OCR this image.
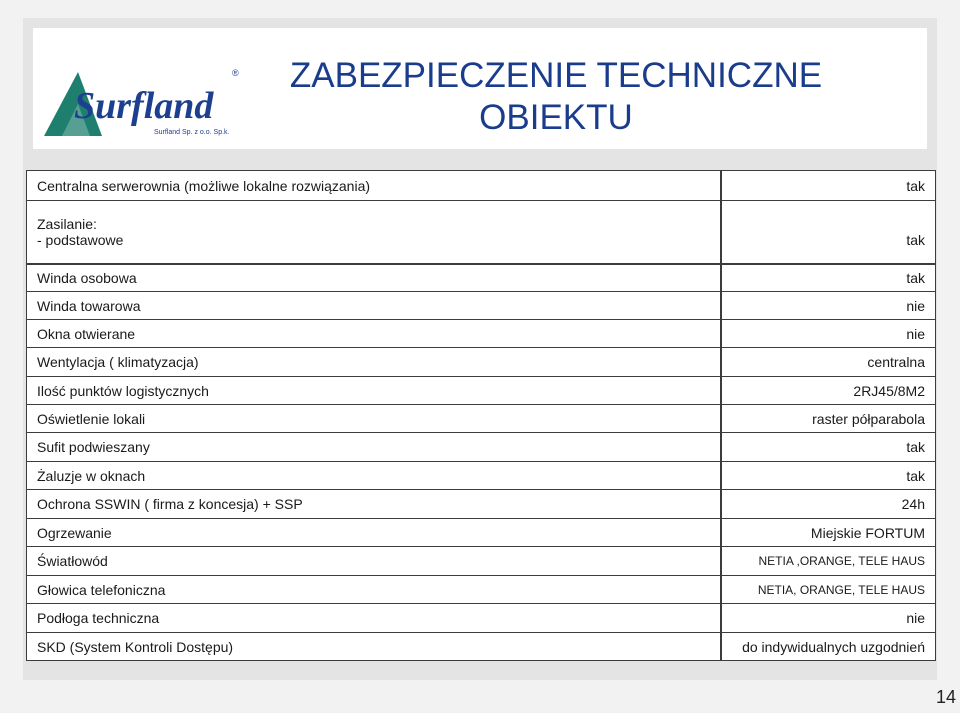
Surfland
®
Surfland Sp. z o.o. Sp.k.
ZABEZPIECZENIE TECHNICZNE
OBIEKTU
Centralna serwerownia (możliwe lokalne rozwiązania)	tak

Zasilanie:
- podstawowe	tak

Winda osobowa	tak
Winda towarowa	nie
Okna otwierane	nie
Wentylacja ( klimatyzacja)	centralna
Ilość punktów logistycznych	2RJ45/8M2
Oświetlenie lokali	raster półparabola
Sufit podwieszany	tak
Żaluzje w oknach	tak
Ochrona SSWIN ( firma z koncesja) + SSP	24h
Ogrzewanie	Miejskie FORTUM
Światłowód	NETIA ,ORANGE, TELE HAUS
Głowica telefoniczna	NETIA, ORANGE, TELE HAUS
Podłoga techniczna	nie
SKD (System Kontroli Dostępu)	do indywidualnych uzgodnień
14
